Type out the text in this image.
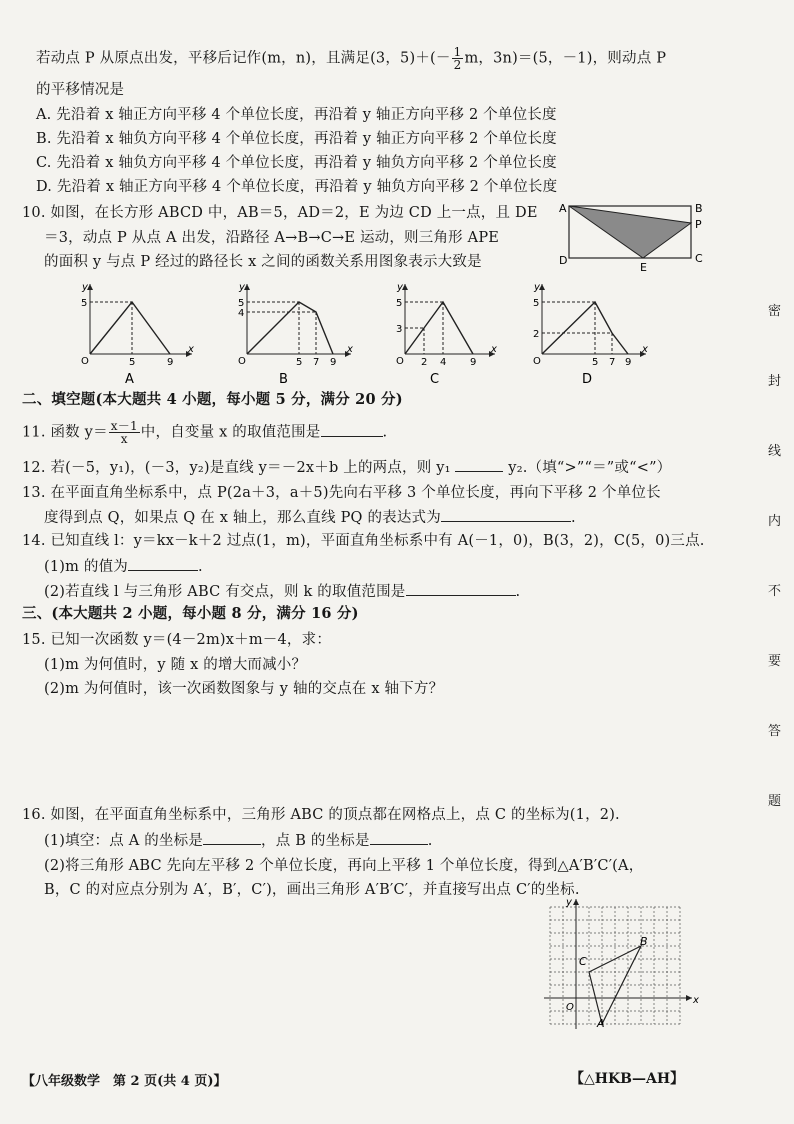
若动点 P 从原点出发，平移后记作(m，n)，且满足(3，$5)+(- \frac{1}{2}$ m，3n)＝(5，－1)，则动点 P
的平移情况是
A. 先沿着 x 轴正方向平移 4 个单位长度，再沿着 y 轴正方向平移 2 个单位长度
B. 先沿着 x 轴负方向平移 4 个单位长度，再沿着 y 轴正方向平移 2 个单位长度
C. 先沿着 x 轴负方向平移 4 个单位长度，再沿着 y 轴负方向平移 2 个单位长度
D. 先沿着 x 轴正方向平移 4 个单位长度，再沿着 y 轴负方向平移 2 个单位长度
10. 如图，在长方形 ABCD 中，AB＝5，AD＝2，E 为边 CD 上一点，且 DE
＝3，动点 P 从点 A 出发，沿路径 A→B→C→E 运动，则三角形 APE
的面积 y 与点 P 经过的路径长 x 之间的函数关系用图象表示大致是
A	B
C
D
E
P
y
x
O
5
5	9
A
y
x
O
5
4
5 7 9
B
y
x
O
5
3
2 4 9
C
y
x
O
5
2
5 7 9
D
二、填空题(本大题共 4 小题，每小题 5 分，满分 20 分)
11. 函数 $y= \frac{x-1}{x}$ 中，自变量 x 的取值范围是	.
12. 若(－5，y₁)，(－3，y₂)是直线 y＝－2x＋b 上的两点，则 y₁	y₂.（填“>”“＝”或“<”）
13. 在平面直角坐标系中，点 P(2a＋3，a＋5)先向右平移 3 个单位长度，再向下平移 2 个单位长
度得到点 Q，如果点 Q 在 x 轴上，那么直线 PQ 的表达式为	.
14. 已知直线 l：y＝kx－k＋2 过点(1，m)，平面直角坐标系中有 A(－1，0)，B(3，2)，C(5，0)三点.
(1)m 的值为	.
(2)若直线 l 与三角形 ABC 有交点，则 k 的取值范围是	.
三、(本大题共 2 小题，每小题 8 分，满分 16 分)
15. 已知一次函数 y＝(4－2m)x＋m－4，求：
(1)m 为何值时，y 随 x 的增大而减小？
(2)m 为何值时，该一次函数图象与 y 轴的交点在 x 轴下方？
16. 如图，在平面直角坐标系中，三角形 ABC 的顶点都在网格点上，点 C 的坐标为(1，2).
(1)填空：点 A 的坐标是	，点 B 的坐标是	.
(2)将三角形 ABC 先向左平移 2 个单位长度，再向上平移 1 个单位长度，得到△A′B′C′(A，
B，C 的对应点分别为 A′，B′，C′)，画出三角形 A′B′C′，并直接写出点 C′的坐标.
x
y
O
C
B
A
密
封
线
内
不
要
答
题
【八年级数学　第 2 页(共 4 页)】	【△HKB—AH】
